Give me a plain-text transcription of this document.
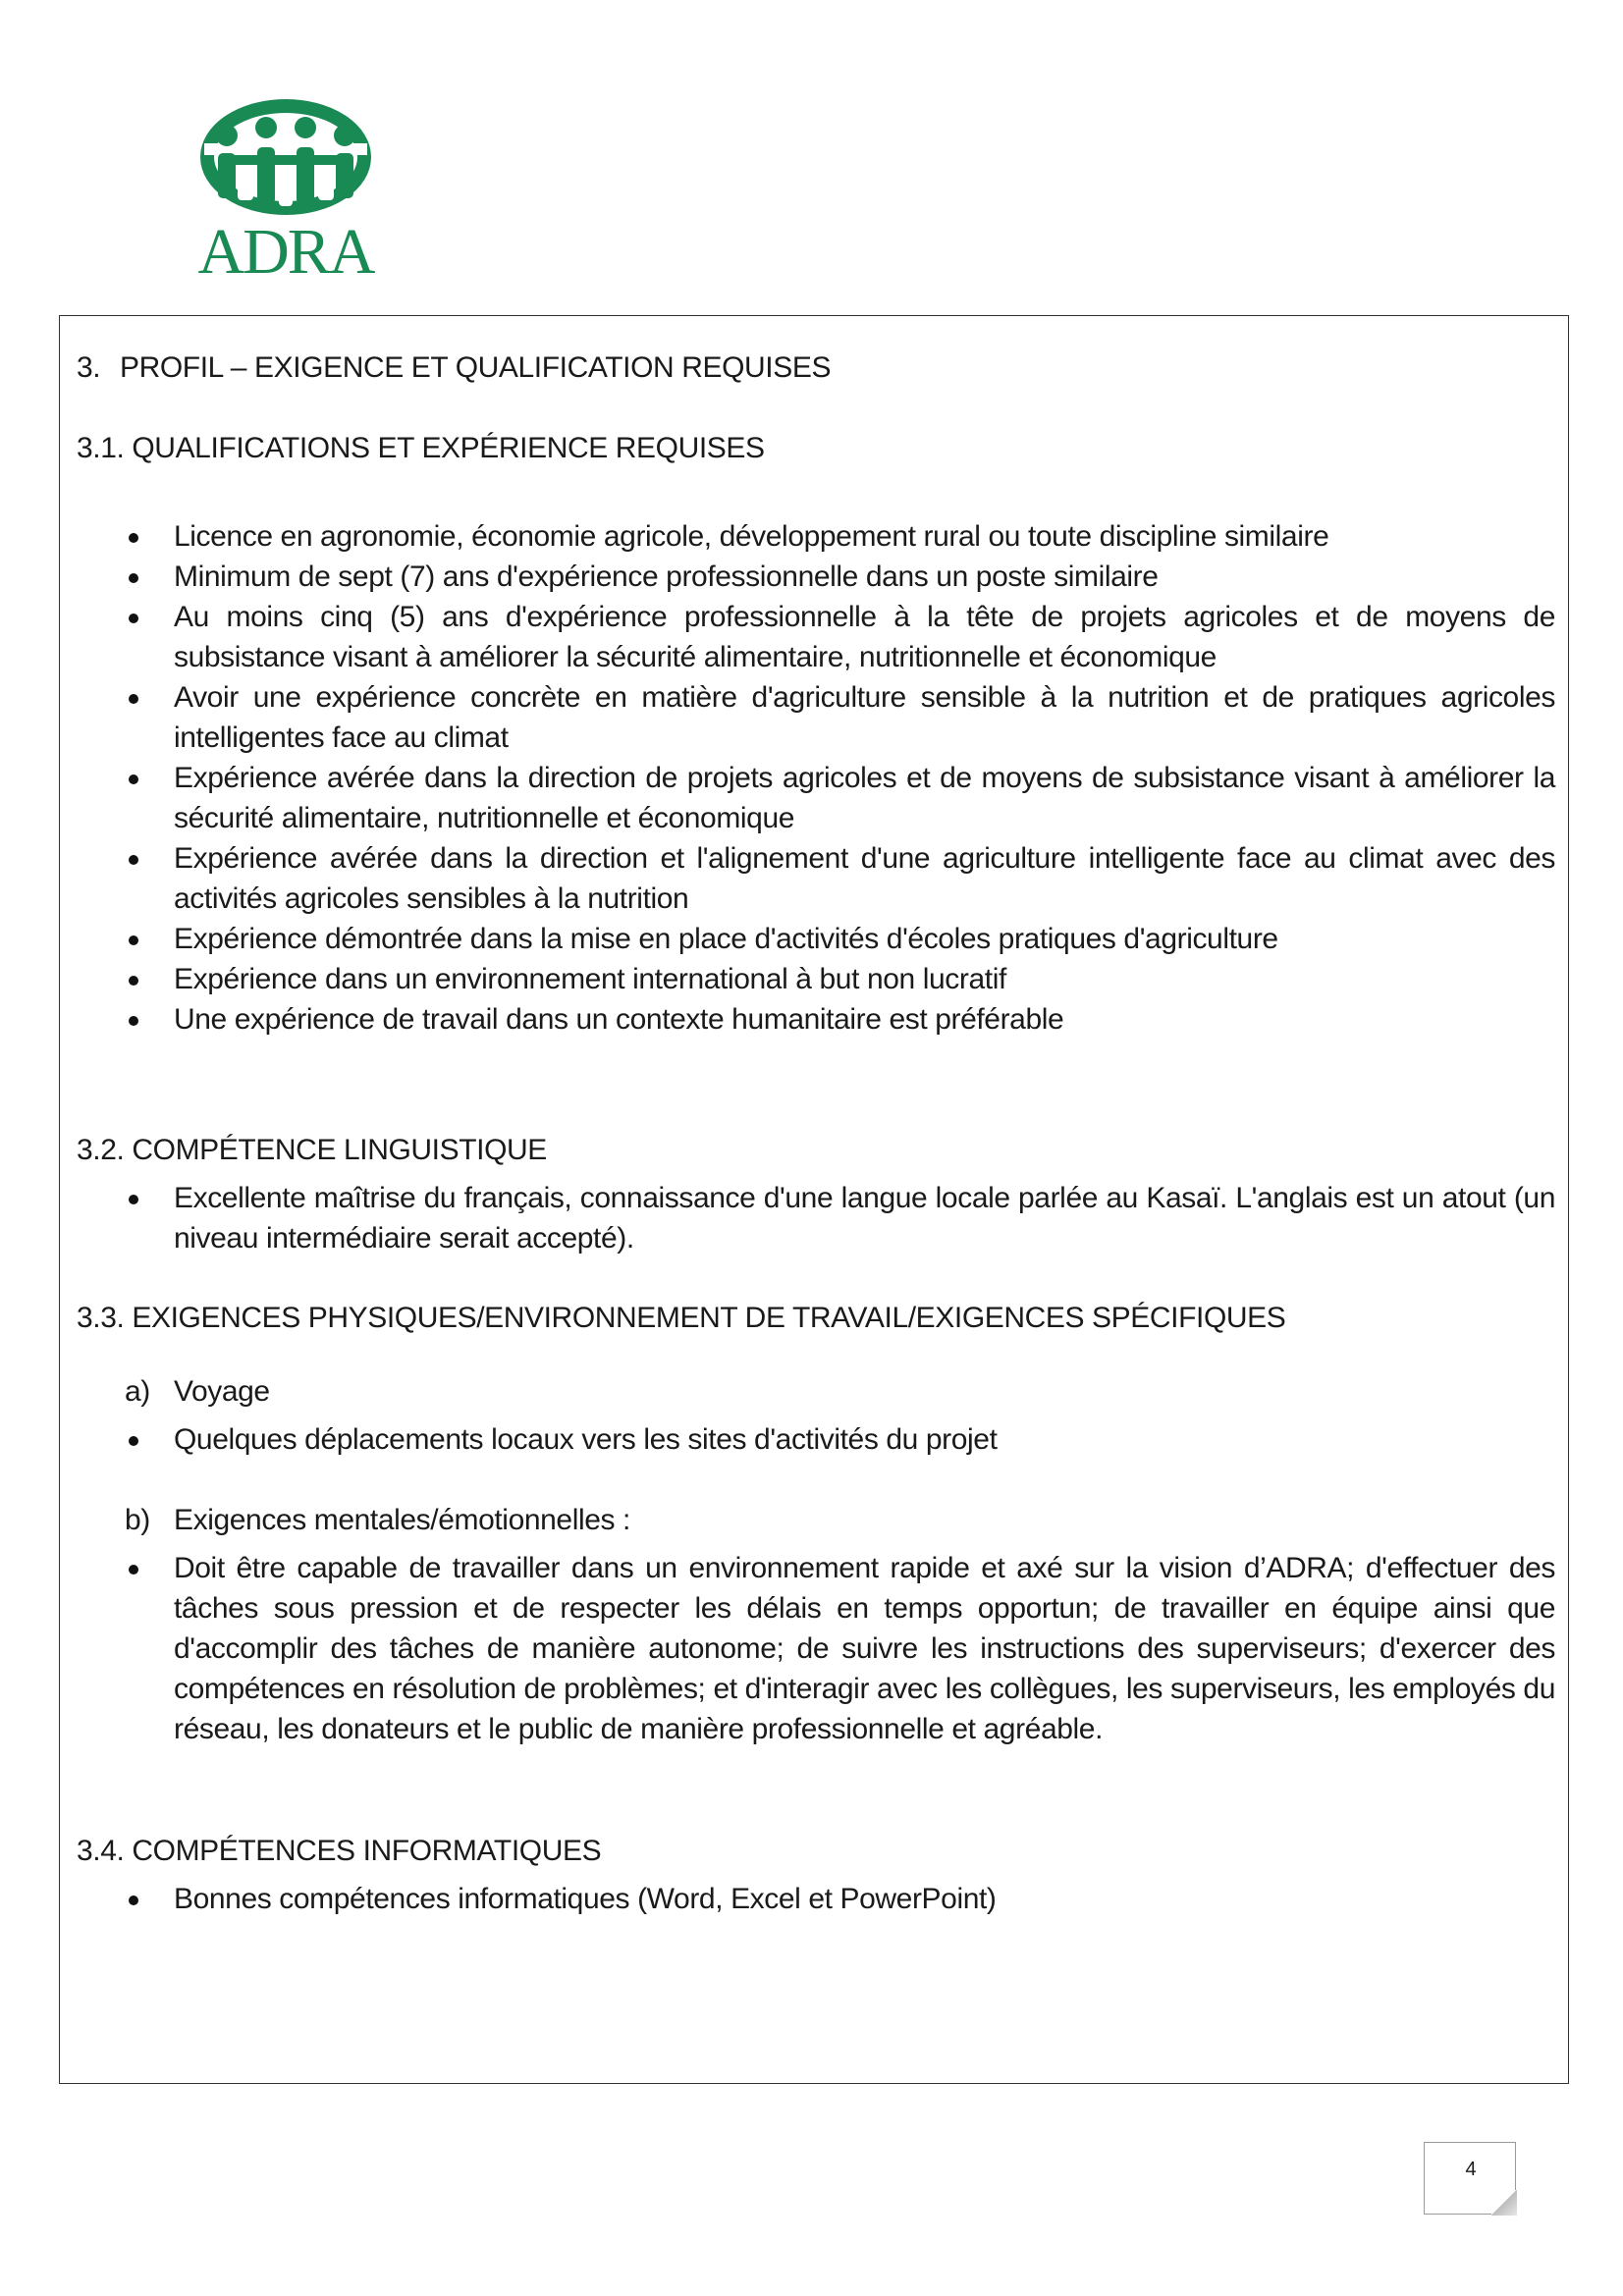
ADRA

3. PROFIL – EXIGENCE ET QUALIFICATION REQUISES

3.1. QUALIFICATIONS ET EXPÉRIENCE REQUISES

Licence en agronomie, économie agricole, développement rural ou toute discipline similaire
Minimum de sept (7) ans d'expérience professionnelle dans un poste similaire
Au moins cinq (5) ans d'expérience professionnelle à la tête de projets agricoles et de moyens de subsistance visant à améliorer la sécurité alimentaire, nutritionnelle et économique
Avoir une expérience concrète en matière d'agriculture sensible à la nutrition et de pratiques agricoles intelligentes face au climat
Expérience avérée dans la direction de projets agricoles et de moyens de subsistance visant à améliorer la sécurité alimentaire, nutritionnelle et économique
Expérience avérée dans la direction et l'alignement d'une agriculture intelligente face au climat avec des activités agricoles sensibles à la nutrition
Expérience démontrée dans la mise en place d'activités d'écoles pratiques d'agriculture
Expérience dans un environnement international à but non lucratif
Une expérience de travail dans un contexte humanitaire est préférable

3.2. COMPÉTENCE LINGUISTIQUE

Excellente maîtrise du français, connaissance d'une langue locale parlée au Kasaï. L'anglais est un atout (un niveau intermédiaire serait accepté).

3.3. EXIGENCES PHYSIQUES/ENVIRONNEMENT DE TRAVAIL/EXIGENCES SPÉCIFIQUES

a) Voyage

Quelques déplacements locaux vers les sites d'activités du projet

b) Exigences mentales/émotionnelles :

Doit être capable de travailler dans un environnement rapide et axé sur la vision d’ADRA; d'effectuer des tâches sous pression et de respecter les délais en temps opportun; de travailler en équipe ainsi que d'accomplir des tâches de manière autonome; de suivre les instructions des superviseurs; d'exercer des compétences en résolution de problèmes; et d'interagir avec les collègues, les superviseurs, les employés du réseau, les donateurs et le public de manière professionnelle et agréable.

3.4. COMPÉTENCES INFORMATIQUES

Bonnes compétences informatiques (Word, Excel et PowerPoint)
4
